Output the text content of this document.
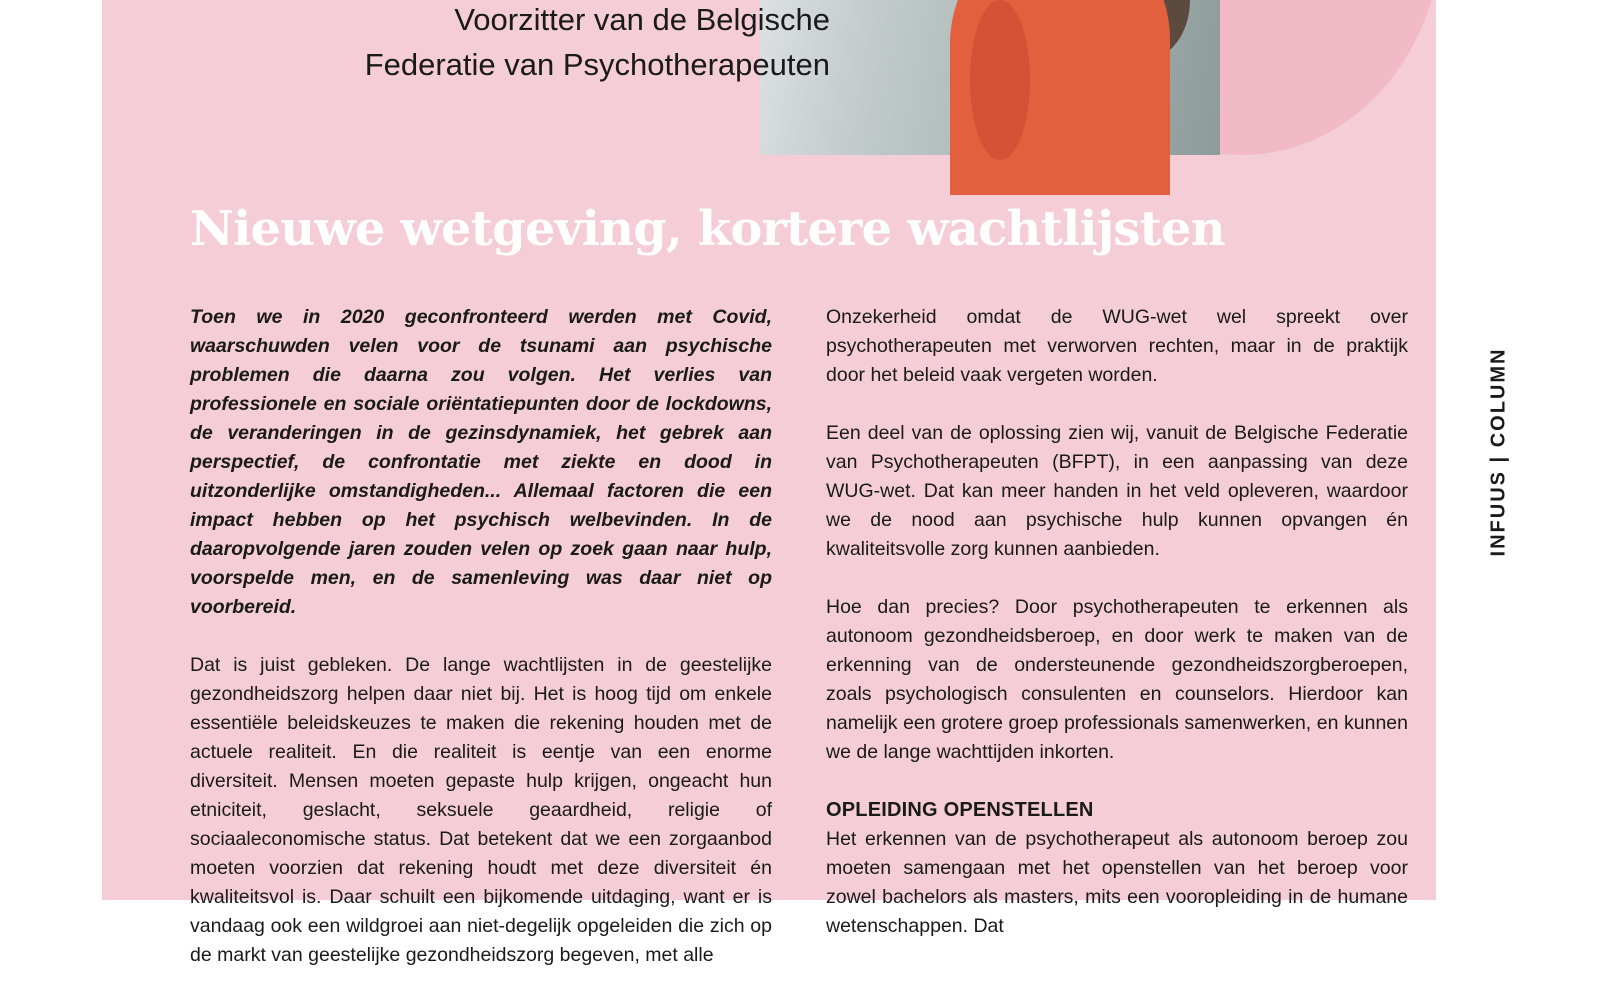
Voorzitter van de Belgische
Federatie van Psychotherapeuten
Nieuwe wetgeving, kortere wachtlijsten

Toen we in 2020 geconfronteerd werden met Covid, waarschuwden velen voor de tsunami aan psychische problemen die daarna zou volgen. Het verlies van professionele en sociale oriëntatiepunten door de lockdowns, de veranderingen in de gezinsdynamiek, het gebrek aan perspectief, de confrontatie met ziekte en dood in uitzonderlijke omstandigheden... Allemaal factoren die een impact hebben op het psychisch welbevinden. In de daaropvolgende jaren zouden velen op zoek gaan naar hulp, voorspelde men, en de samenleving was daar niet op voorbereid.

Dat is juist gebleken. De lange wachtlijsten in de geestelijke gezondheidszorg helpen daar niet bij. Het is hoog tijd om enkele essentiële beleidskeuzes te maken die rekening houden met de actuele realiteit. En die realiteit is eentje van een enorme diversiteit. Mensen moeten gepaste hulp krijgen, ongeacht hun etniciteit, geslacht, seksuele geaardheid, religie of sociaaleconomische status. Dat betekent dat we een zorgaanbod moeten voorzien dat rekening houdt met deze diversiteit én kwaliteitsvol is. Daar schuilt een bijkomende uitdaging, want er is vandaag ook een wildgroei aan niet-degelijk opgeleiden die zich op de markt van geestelijke gezondheidszorg begeven, met alle

Onzekerheid omdat de WUG-wet wel spreekt over psychotherapeuten met verworven rechten, maar in de praktijk door het beleid vaak vergeten worden.

Een deel van de oplossing zien wij, vanuit de Belgische Federatie van Psychotherapeuten (BFPT), in een aanpassing van deze WUG-wet. Dat kan meer handen in het veld opleveren, waardoor we de nood aan psychische hulp kunnen opvangen én kwaliteitsvolle zorg kunnen aanbieden.

Hoe dan precies? Door psychotherapeuten te erkennen als autonoom gezondheidsberoep, en door werk te maken van de erkenning van de ondersteunende gezondheidszorgberoepen, zoals psychologisch consulenten en counselors. Hierdoor kan namelijk een grotere groep professionals samenwerken, en kunnen we de lange wachttijden inkorten.

OPLEIDING OPENSTELLEN

Het erkennen van de psychotherapeut als autonoom beroep zou moeten samengaan met het openstellen van het beroep voor zowel bachelors als masters, mits een vooropleiding in de humane wetenschappen. Dat

INFUUS | COLUMN
